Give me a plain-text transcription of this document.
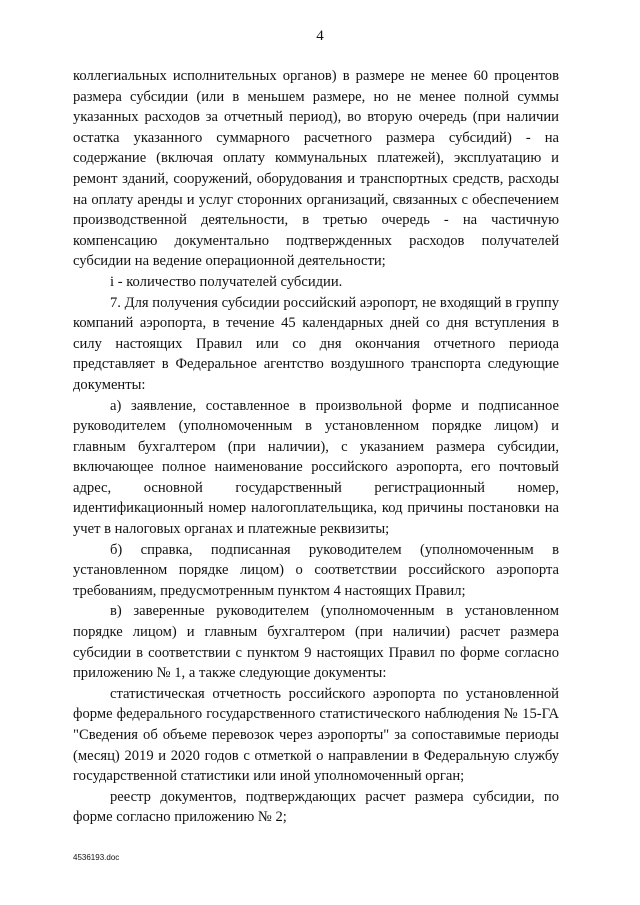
4

коллегиальных исполнительных органов) в размере не менее 60 процентов размера субсидии (или в меньшем размере, но не менее полной суммы указанных расходов за отчетный период), во вторую очередь (при наличии остатка указанного суммарного расчетного размера субсидий) - на содержание (включая оплату коммунальных платежей), эксплуатацию и ремонт зданий, сооружений, оборудования и транспортных средств, расходы на оплату аренды и услуг сторонних организаций, связанных с обеспечением производственной деятельности, в третью очередь - на частичную компенсацию документально подтвержденных расходов получателей субсидии на ведение операционной деятельности;

i - количество получателей субсидии.

7. Для получения субсидии российский аэропорт, не входящий в группу компаний аэропорта, в течение 45 календарных дней со дня вступления в силу настоящих Правил или со дня окончания отчетного периода представляет в Федеральное агентство воздушного транспорта следующие документы:

а) заявление, составленное в произвольной форме и подписанное руководителем (уполномоченным в установленном порядке лицом) и главным бухгалтером (при наличии), с указанием размера субсидии, включающее полное наименование российского аэропорта, его почтовый адрес, основной государственный регистрационный номер, идентификационный номер налогоплательщика, код причины постановки на учет в налоговых органах и платежные реквизиты;

б) справка, подписанная руководителем (уполномоченным в установленном порядке лицом) о соответствии российского аэропорта требованиям, предусмотренным пунктом 4 настоящих Правил;

в) заверенные руководителем (уполномоченным в установленном порядке лицом) и главным бухгалтером (при наличии) расчет размера субсидии в соответствии с пунктом 9 настоящих Правил по форме согласно приложению № 1, а также следующие документы:

статистическая отчетность российского аэропорта по установленной форме федерального государственного статистического наблюдения № 15-ГА "Сведения об объеме перевозок через аэропорты" за сопоставимые периоды (месяц) 2019 и 2020 годов с отметкой о направлении в Федеральную службу государственной статистики или иной уполномоченный орган;

реестр документов, подтверждающих расчет размера субсидии, по форме согласно приложению № 2;

4536193.doc
